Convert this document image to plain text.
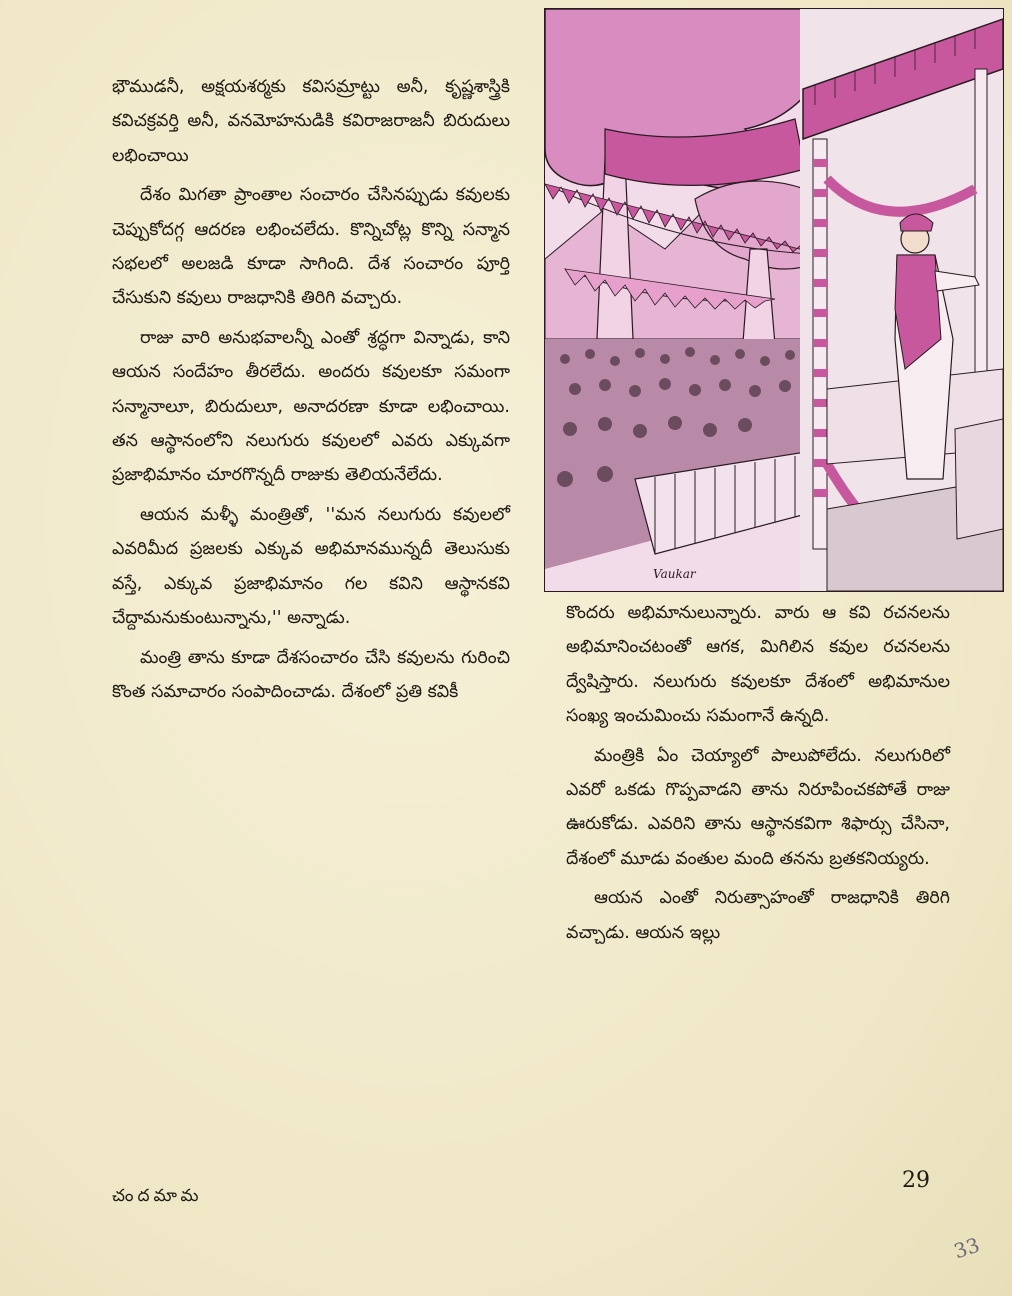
భౌముడనీ, అక్షయశర్మకు కవిసమ్రాట్టు అనీ, కృష్ణశాస్త్రికి కవిచక్రవర్తి అనీ, వనమోహనుడికి కవిరాజరాజనీ బిరుదులు లభించాయి

దేశం మిగతా ప్రాంతాల సంచారం చేసినప్పుడు కవులకు చెప్పుకోదగ్గ ఆదరణ లభించలేదు. కొన్నిచోట్ల కొన్ని సన్మాన సభలలో అలజడి కూడా సాగింది. దేశ సంచారం పూర్తి చేసుకుని కవులు రాజధానికి తిరిగి వచ్చారు.

రాజు వారి అనుభవాలన్నీ ఎంతో శ్రద్ధగా విన్నాడు, కాని ఆయన సందేహం తీరలేదు. అందరు కవులకూ సమంగా సన్మానాలూ, బిరుదులూ, అనాదరణా కూడా లభించాయి. తన ఆస్థానంలోని నలుగురు కవులలో ఎవరు ఎక్కువగా ప్రజాభిమానం చూరగొన్నదీ రాజుకు తెలియనేలేదు.

ఆయన మళ్ళీ మంత్రితో, ''మన నలుగురు కవులలో ఎవరిమీద ప్రజలకు ఎక్కువ అభిమానమున్నదీ తెలుసుకు వస్తే, ఎక్కువ ప్రజాభిమానం గల కవిని ఆస్థానకవి చేద్దామనుకుంటున్నాను,'' అన్నాడు.

మంత్రి తాను కూడా దేశసంచారం చేసి కవులను గురించి కొంత సమాచారం సంపాదించాడు. దేశంలో ప్రతి కవికీ

Vaukar

కొందరు అభిమానులున్నారు. వారు ఆ కవి రచనలను అభిమానించటంతో ఆగక, మిగిలిన కవుల రచనలను ద్వేషిస్తారు. నలుగురు కవులకూ దేశంలో అభిమానుల సంఖ్య ఇంచుమించు సమంగానే ఉన్నది.

మంత్రికి ఏం చెయ్యాలో పాలుపోలేదు. నలుగురిలో ఎవరో ఒకడు గొప్పవాడని తాను నిరూపించకపోతే రాజు ఊరుకోడు. ఎవరిని తాను ఆస్థానకవిగా శిఫార్సు చేసినా, దేశంలో మూడు వంతుల మంది తనను బ్రతకనియ్యరు.

ఆయన ఎంతో నిరుత్సాహంతో రాజధానికి తిరిగి వచ్చాడు. ఆయన ఇల్లు

చందమామ
29
33
